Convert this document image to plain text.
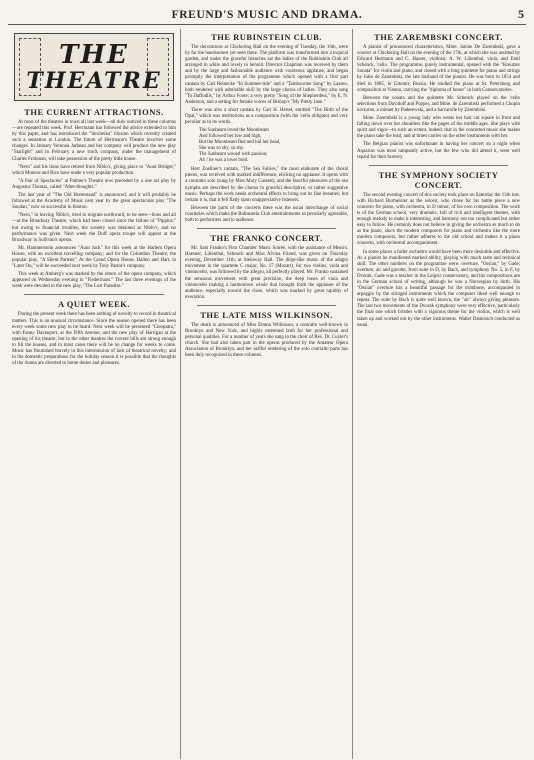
FREUND'S MUSIC AND DRAMA.	5
THE
THEATRE
THE CURRENT ATTRACTIONS.

At most of the theatres in town all last week—all duly noticed in these columns—are repeated this week. Prof. Herrmann has followed the advice extended to him by this paper, and has introduced the "Strobeika" illusion which recently created such a sensation in London. The future of Herrmann's Theatre involves some changes. In January Vernona Jarbeau and her company will produce the new play "Starlight" and in February a new stock company, under the management of Charles Frohman, will take possession of the pretty little house.

"Nero" and his lions have retired from Niblo's, giving place to "Aunt Bridget," which Monroe and Rice have made a very popular production.

"A Pair of Spectacles" at Palmer's Theatre now preceded by a one act play by Augustus Thomas, called "After-thoughts."

The last year of "The Old Homestead" is announced, and it will probably be followed at the Academy of Music next year by the great spectacular play "The Soudan," now so successful in Boston.

"Nero," in leaving Niblo's, tried to migrate northward, to be seen—lions and all—at the Broadway Theatre, which had been closed since the failure of "Pippins;" but owing to financial troubles, the scenery was detained at Niblo's, and no performance was given. Next week the Duff opera troupe will appear at the Broadway in Sullivan's operas.

Mr. Hammerstein announces "Aunt Jack" for this week at the Harlem Opera House, with an excellent travelling company; and for the Columbus Theatre, the popular play, "A Silent Partner." At the Grand Opera House, Hallen and Hart, in "Later On," will be succeeded next week by Tony Pastor's company.

This week at Amberg's was marked by the return of the opera company, which appeared on Wednesday evening in "Fledermaus." The last three evenings of the week were devoted to the new play, "The Lost Paradise."

A QUIET WEEK.

During the present week there has been nothing of novelty to record in theatrical matters. This is an unusual circumstance. Since the season opened there has been every week some new play to be heard. Next week will be presented "Cleopatra," with Fanny Davenport, at the Fifth Avenue; and the new play of Harrigan at the opening of his theatre; but in the other theatres the current bills are strong enough to fill the houses, and in most cases there will be no change for weeks to come. Music has flourished bravely in this intermission of lack of theatrical novelty; and in the domestic preparations for the holiday season it is possible that the thoughts of the drama are diverted to home duties and pleasures.

THE RUBINSTEIN CLUB.

The decorations at Chickering Hall on the evening of Tuesday, the 16th, were by far the handsomest yet seen there. The platform was transformed into a tropical garden, and under the graceful branches sat the ladies of the Rubinstein Club all arranged in white and lovely to behold. Director Chapman was received by them and by the large and fashionable audience with courteous applause, and began promptly the interpretation of the programme which opened with a first part cantata by Carl Reinecke "In Summer-tide" and a "Tambourine Song" by Lassen, both rendered with admirable skill by the large chorus of ladies. They also sang "To Daffodils," by Arthur Foote; a very pretty "Song of the Shepherdess," by E. N. Anderson, and a setting for female voices of Bishop's "My Pretty Jane."

There was also a short cantata by Carl H. Hertel, entitled "The Birth of the Opal," which was meritorious as a composition (with the 'cello obligato) and very peculiar as to its words.

The Sunbeam loved the Moonbeam
And followed her low and high,
But the Moonbeam fled and hid her head,
She was so shy, so shy.
The Sunbeam wooed with passion;
Ah ! he was a lover bold.

Herr Zoellner's cantata, "The Sea Fairies," the most elaborate of the choral pieces, was received with marked indifference, eliciting no applause. It opens with a contralto solo (sung by Miss Mary Gassett), and the fanciful pleasures of the sea nymphs are described by the chorus in graceful descriptive, or rather suggestive music. Perhaps the work needs orchestral effects to bring out its fine beauties; but certain it is, that it fell flatly upon unappreciative listeners.

Between the parts of the concerts there was the usual interchange of social courtesies which make the Rubinstein Club entertainments so peculiarly agreeable, both to performers and to audience.

THE FRANKO CONCERT.

Mr. Sam Franko's First Chamber Music Soirée, with the assistance of Messrs. Haesner, Lilienthal, Schenck and Miss Alvina Friend, was given on Thursday evening, December 11th, at Steinway Hall. The dirge-like music of the adagio movement in the quartette C major, No. 17 (Mozart), for two violins, viola and violoncello, was followed by the allegro, all perfectly played. Mr. Franko sustained the sensuous movement with great precision, the deep tones of viola and violoncello making a harmonious whole that brought forth the applause of the audience, especially toward the close, which was marked by great rapidity of execution.

THE LATE MISS WILKINSON.

The death is announced of Miss Emma Wilkinson, a contralto well-known in Brooklyn and New York, and highly esteemed both for her professional and personal qualities. For a number of years she sang in the choir of Rev. Dr. Cuyler's church. She had also taken part in the operas produced by the Amateur Opera Association of Brooklyn, and her skilful rendering of the solo contralto parts has been duly recognized in these columns.

THE ZAREMBSKI CONCERT.

A pianist of pronounced characteristics, Mme. Janine De Zarembski, gave a concert at Chickering Hall on the evening of the 17th, at which she was assisted by Edward Hermann and C. Hasser, violinist; A. W. Lilienthal, viola, and Emil Schenck, 'cello. The programme, purely instrumental, opened with the "Kreutzer Sonata" for violin and piano, and closed with a long quintette for piano and strings by Jules de Zarembski, the late husband of the pianist. He was born in 1854 and died in 1885, in Gitomir, Russia. He studied the piano at St. Petersburg and composition at Vienna, carrying the "diploma of honor" in both Conservatories.

Between the sonata and the quintette Mr. Schenck played on the 'cello selections from Davidoff and Popper, and Mme. de Zarembski performed a Chopin nocturne, a minuet by Paderewski, and a barcarolle by Zarembski.

Mme. Zarembski is a young lady who wears her hair cut square in front and falling down over her shoulders like the pages of the middle ages. She plays with spirit and vigor—to such an extent, indeed, that in the concerted music she makes the piano take the lead, and at times carries on the other instruments with her.

The Belgian pianist was unfortunate in having her concert on a night when Aquarius was most rampantly active, but the few who did attend it, were well repaid for their bravery.

THE SYMPHONY SOCIETY CONCERT.

The second evening concert of this society took place on Saturday the 13th inst. with Richard Burmeister as the soloist, who chose for his battle piece a new concerto for piano, with orchestra, in D minor, of his own composition. The work is of the German school, very dramatic, full of rich and intelligent themes, with enough melody to make it interesting, and harmony not too complicated but rather easy to follow. He certainly does not believe in giving the orchestra as much to do as the piano, since the modern composers for piano and orchestra like the more modern composers, but rather adheres to the old school and makes it a piano concerto, with orchestral accompaniment.

In some places a fuller orchestra would have been more desirable and effective. As a pianist he manifested marked ability, playing with much taste and technical skill. The other numbers on the programme were: overture, "Ossian," by Gade; overture, air and gavotte, from suite in D, by Bach, and symphony No. 5, in F, by Dvorak. Gade was a teacher in the Leipsic conservatory, and his compositions are in the German school of writing, although he was a Norwegian by birth. His "Ossian" overture has a beautiful passage for the trombone, accompanied in arpeggio by the stringed instruments which the composer liked well enough to repeat. The suite by Bach is quite well known, the "air" always giving pleasure. The last two movements of the Dvorak symphony were very effective, particularly the final one which bristles with a vigorous theme for the violins, which is well taken up and worked out by the other instruments. Walter Damrosch conducted as usual.
